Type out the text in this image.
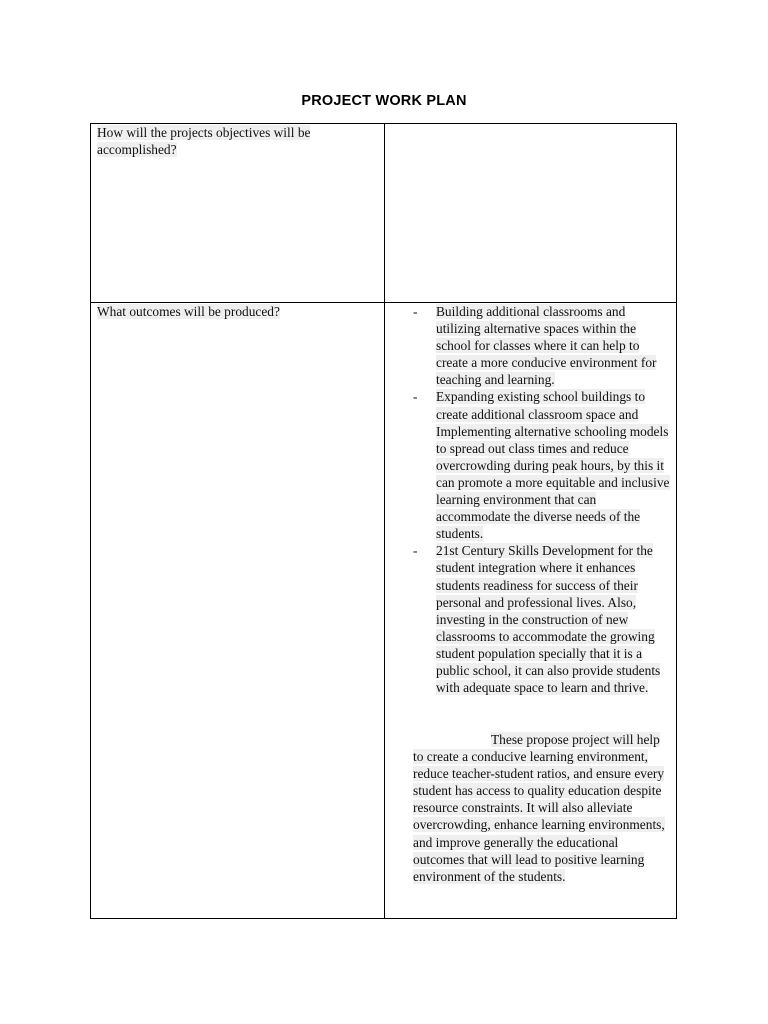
PROJECT WORK PLAN
How will the projects objectives will be accomplished?
What outcomes will be produced?	- Building additional classrooms and utilizing alternative spaces within the school for classes where it can help to create a more conducive environment for teaching and learning.
- Expanding existing school buildings to create additional classroom space and Implementing alternative schooling models to spread out class times and reduce overcrowding during peak hours, by this it can promote a more equitable and inclusive learning environment that can accommodate the diverse needs of the students.
- 21st Century Skills Development for the student integration where it enhances students readiness for success of their personal and professional lives. Also, investing in the construction of new classrooms to accommodate the growing student population specially that it is a public school, it can also provide students with adequate space to learn and thrive.
These propose project will help to create a conducive learning environment, reduce teacher-student ratios, and ensure every student has access to quality education despite resource constraints. It will also alleviate overcrowding, enhance learning environments, and improve generally the educational outcomes that will lead to positive learning environment of the students.
